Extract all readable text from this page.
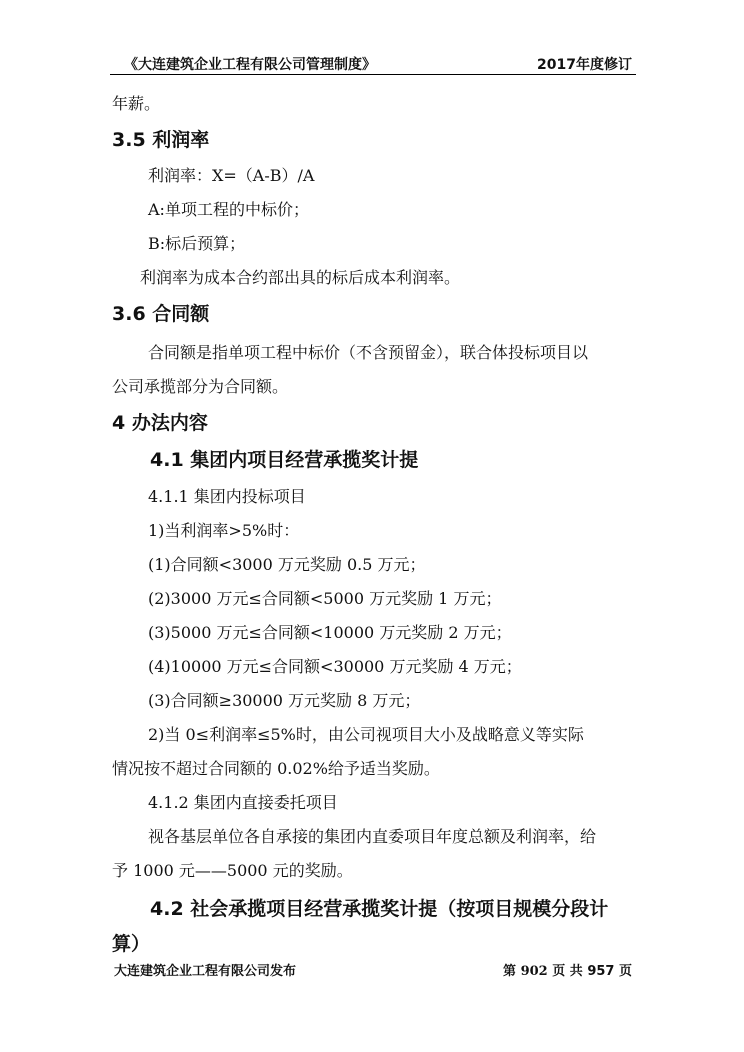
《大连建筑企业工程有限公司管理制度》	2017年度修订
年薪。
3.5 利润率
利润率：X=（A-B）/A
A:单项工程的中标价；
B:标后预算；
利润率为成本合约部出具的标后成本利润率。
3.6 合同额
合同额是指单项工程中标价（不含预留金），联合体投标项目以
公司承揽部分为合同额。
4 办法内容
4.1 集团内项目经营承揽奖计提
4.1.1 集团内投标项目
1)当利润率>5%时：
(1)合同额<3000 万元奖励 0.5 万元；
(2)3000 万元≤合同额<5000 万元奖励 1 万元；
(3)5000 万元≤合同额<10000 万元奖励 2 万元；
(4)10000 万元≤合同额<30000 万元奖励 4 万元；
(3)合同额≥30000 万元奖励 8 万元；
2)当 0≤利润率≤5%时，由公司视项目大小及战略意义等实际
情况按不超过合同额的 0.02%给予适当奖励。
4.1.2 集团内直接委托项目
视各基层单位各自承接的集团内直委项目年度总额及利润率，给
予 1000 元——5000 元的奖励。
4.2 社会承揽项目经营承揽奖计提（按项目规模分段计
算）
大连建筑企业工程有限公司发布	第 902 页 共 957 页
